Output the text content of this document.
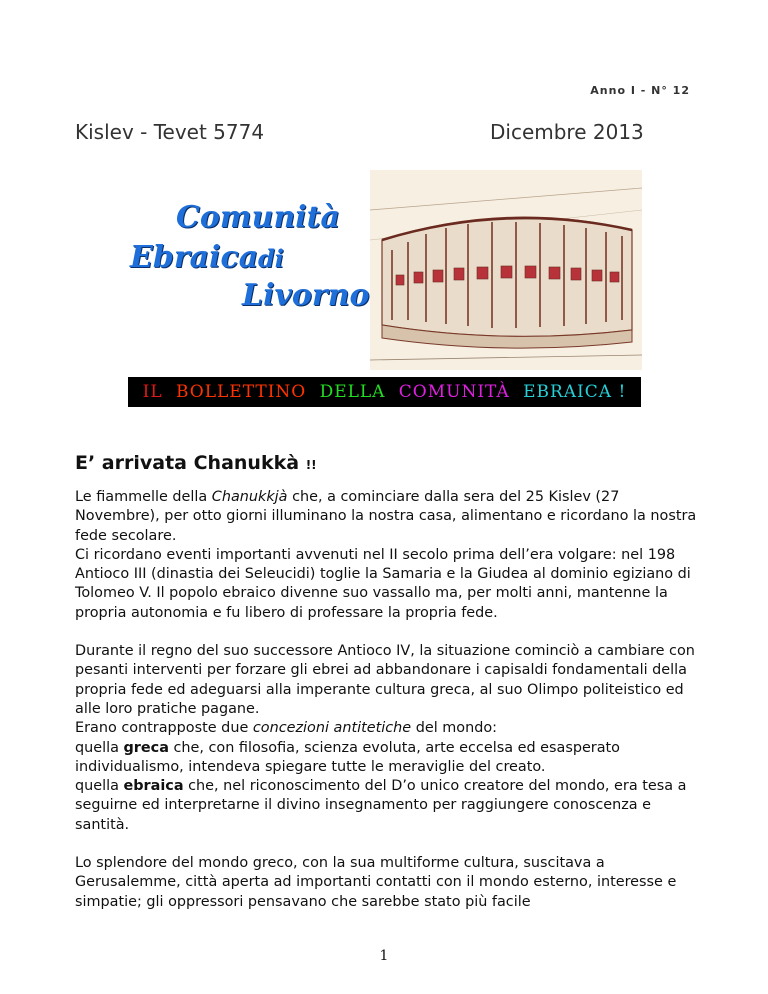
Anno I - N° 12
Kislev - Tevet 5774	Dicembre 2013
Comunità
Ebraica di
Livorno
IL BOLLETTINO DELLA COMUNITÀ EBRAICA !
E’ arrivata Chanukkà !!

Le fiammelle della Chanukkjà che, a cominciare dalla sera del 25 Kislev (27 Novembre), per otto giorni illuminano la nostra casa, alimentano e ricordano la nostra fede secolare.
Ci ricordano eventi importanti avvenuti nel II secolo prima dell’era volgare: nel 198 Antioco III (dinastia dei Seleucidi) toglie la Samaria e la Giudea al dominio egiziano di Tolomeo V. Il popolo ebraico divenne suo vassallo ma, per molti anni, mantenne la propria autonomia e fu libero di professare la propria fede.

Durante il regno del suo successore Antioco IV, la situazione cominciò a cambiare con pesanti interventi per forzare gli ebrei ad abbandonare i capisaldi fondamentali della propria fede ed adeguarsi alla imperante cultura greca, al suo Olimpo politeistico ed alle loro pratiche pagane.
Erano contrapposte due concezioni antitetiche del mondo:
quella greca che, con filosofia, scienza evoluta, arte eccelsa ed esasperato individualismo, intendeva spiegare tutte le meraviglie del creato.
quella ebraica che, nel riconoscimento del D’o unico creatore del mondo, era tesa a seguirne ed interpretarne il divino insegnamento per raggiungere conoscenza e santità.

Lo splendore del mondo greco, con la sua multiforme cultura, suscitava a Gerusalemme, città aperta ad importanti contatti con il mondo esterno, interesse e simpatie; gli oppressori pensavano che sarebbe stato più facile

1
